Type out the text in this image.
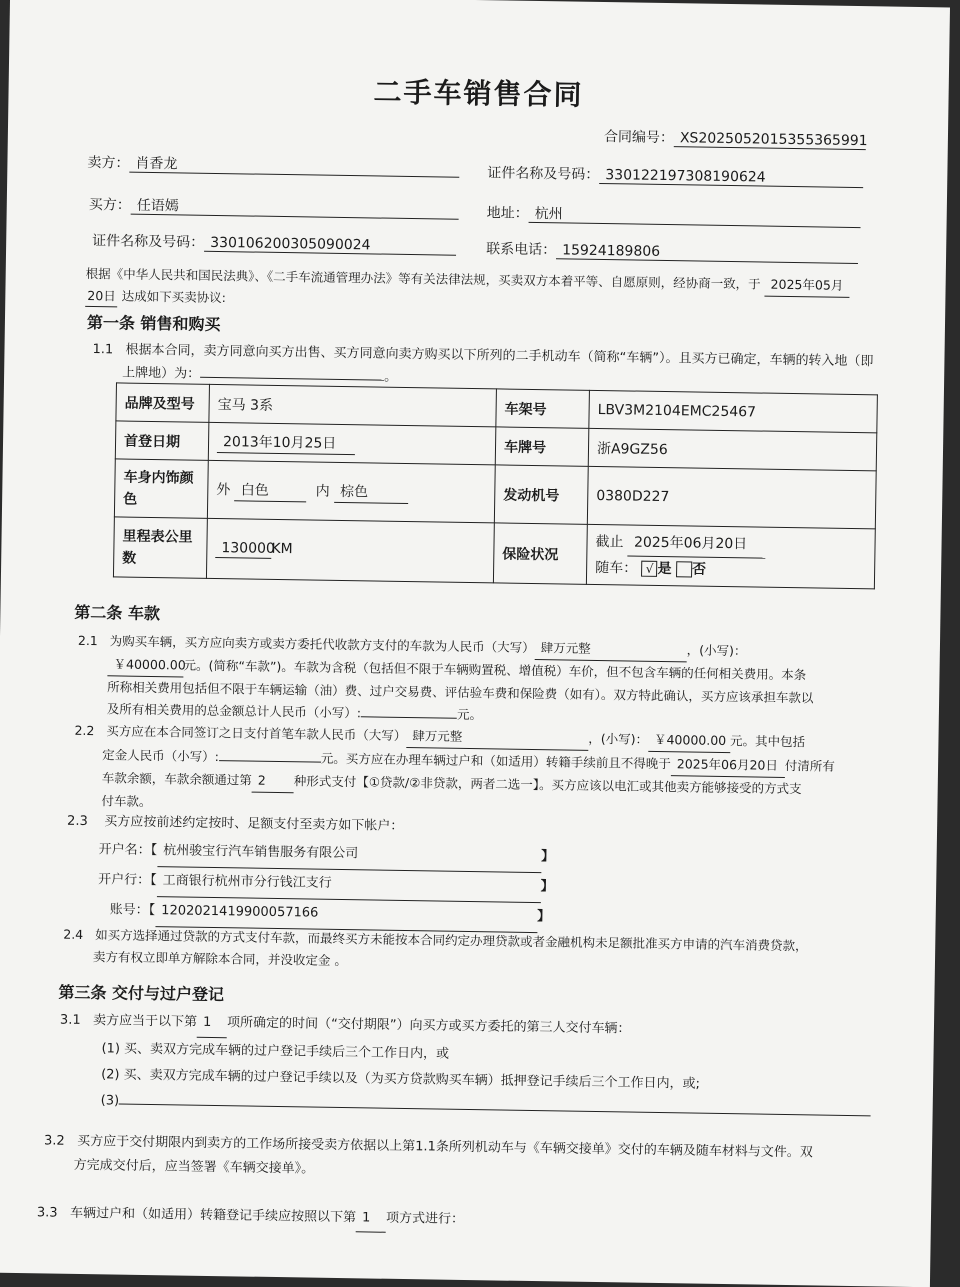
二手车销售合同
合同编号： XS2025052015355365991
卖方： 肖香龙
证件名称及号码： 330122197308190624
买方： 任语嫣	地址： 杭州
证件名称及号码： 330106200305090024	联系电话： 15924189806
根据《中华人民共和国民法典》、《二手车流通管理办法》等有关法律法规，买卖双方本着平等、自愿原则，经协商一致，于 2025年05月
20日 达成如下买卖协议:
第一条 销售和购买
1.1 根据本合同，卖方同意向买方出售、买方同意向卖方购买以下所列的二手机动车（简称“车辆”）。且买方已确定，车辆的转入地（即
上牌地）为：	。
品牌及型号	宝马 3系	车架号	LBV3M2104EMC25467
首登日期	2013年10月25日	车牌号	浙A9GZ56
车身内饰颜色	外 白色 内 棕色	发动机号	0380D227
里程表公里数	130000KM	保险状况	截止 2025年06月20日
随车： √ 是 否
第二条 车款
2.1 为购买车辆，买方应向卖方或卖方委托代收款方支付的车款为人民币（大写） 肆万元整	，(小写)：
￥40000.00元。(简称“车款”)。车款为含税（包括但不限于车辆购置税、增值税）车价，但不包含车辆的任何相关费用。本条
所称相关费用包括但不限于车辆运输（油）费、过户交易费、评估验车费和保险费（如有）。双方特此确认，买方应该承担车款以
及所有相关费用的总金额总计人民币（小写）:	元。
2.2 买方应在本合同签订之日支付首笔车款人民币（大写） 肆万元整	，(小写)： ￥40000.00 元。其中包括
定金人民币（小写）:	元。买方应在办理车辆过户和（如适用）转籍手续前且不得晚于 2025年06月20日 付清所有
车款余额，车款余额通过第 2 种形式支付【①贷款/②非贷款，两者二选一】。买方应该以电汇或其他卖方能够接受的方式支
付车款。
2.3 买方应按前述约定按时、足额支付至卖方如下帐户：
开户名：【 杭州骏宝行汽车销售服务有限公司	】
开户行：【 工商银行杭州市分行钱江支行	】
账号：【 1202021419900057166	】
2.4 如买方选择通过贷款的方式支付车款，而最终买方未能按本合同约定办理贷款或者金融机构未足额批准买方申请的汽车消费贷款，
卖方有权立即单方解除本合同，并没收定金 。
第三条 交付与过户登记
3.1 卖方应当于以下第 1 项所确定的时间（“交付期限”）向买方或买方委托的第三人交付车辆：
(1) 买、卖双方完成车辆的过户登记手续后三个工作日内，或
(2) 买、卖双方完成车辆的过户登记手续以及（为买方贷款购买车辆）抵押登记手续后三个工作日内，或;
(3)
3.2 买方应于交付期限内到卖方的工作场所接受卖方依据以上第1.1条所列机动车与《车辆交接单》交付的车辆及随车材料与文件。双
方完成交付后，应当签署《车辆交接单》。
3.3 车辆过户和（如适用）转籍登记手续应按照以下第 1 项方式进行：
